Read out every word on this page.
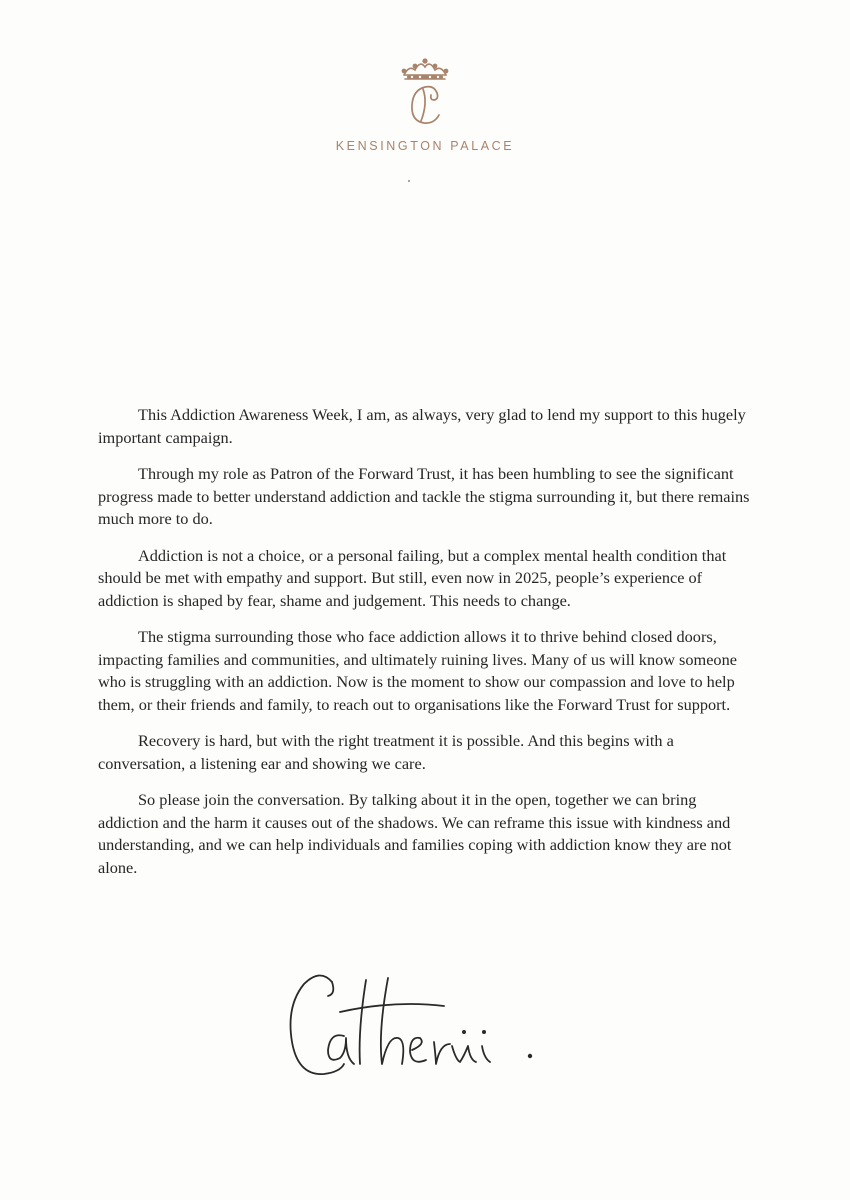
KENSINGTON PALACE

This Addiction Awareness Week, I am, as always, very glad to lend my support to this hugely important campaign.

Through my role as Patron of the Forward Trust, it has been humbling to see the significant progress made to better understand addiction and tackle the stigma surrounding it, but there remains much more to do.

Addiction is not a choice, or a personal failing, but a complex mental health condition that should be met with empathy and support. But still, even now in 2025, people’s experience of addiction is shaped by fear, shame and judgement. This needs to change.

The stigma surrounding those who face addiction allows it to thrive behind closed doors, impacting families and communities, and ultimately ruining lives. Many of us will know someone who is struggling with an addiction. Now is the moment to show our compassion and love to help them, or their friends and family, to reach out to organisations like the Forward Trust for support.

Recovery is hard, but with the right treatment it is possible. And this begins with a conversation, a listening ear and showing we care.

So please join the conversation. By talking about it in the open, together we can bring addiction and the harm it causes out of the shadows. We can reframe this issue with kindness and understanding, and we can help individuals and families coping with addiction know they are not alone.
